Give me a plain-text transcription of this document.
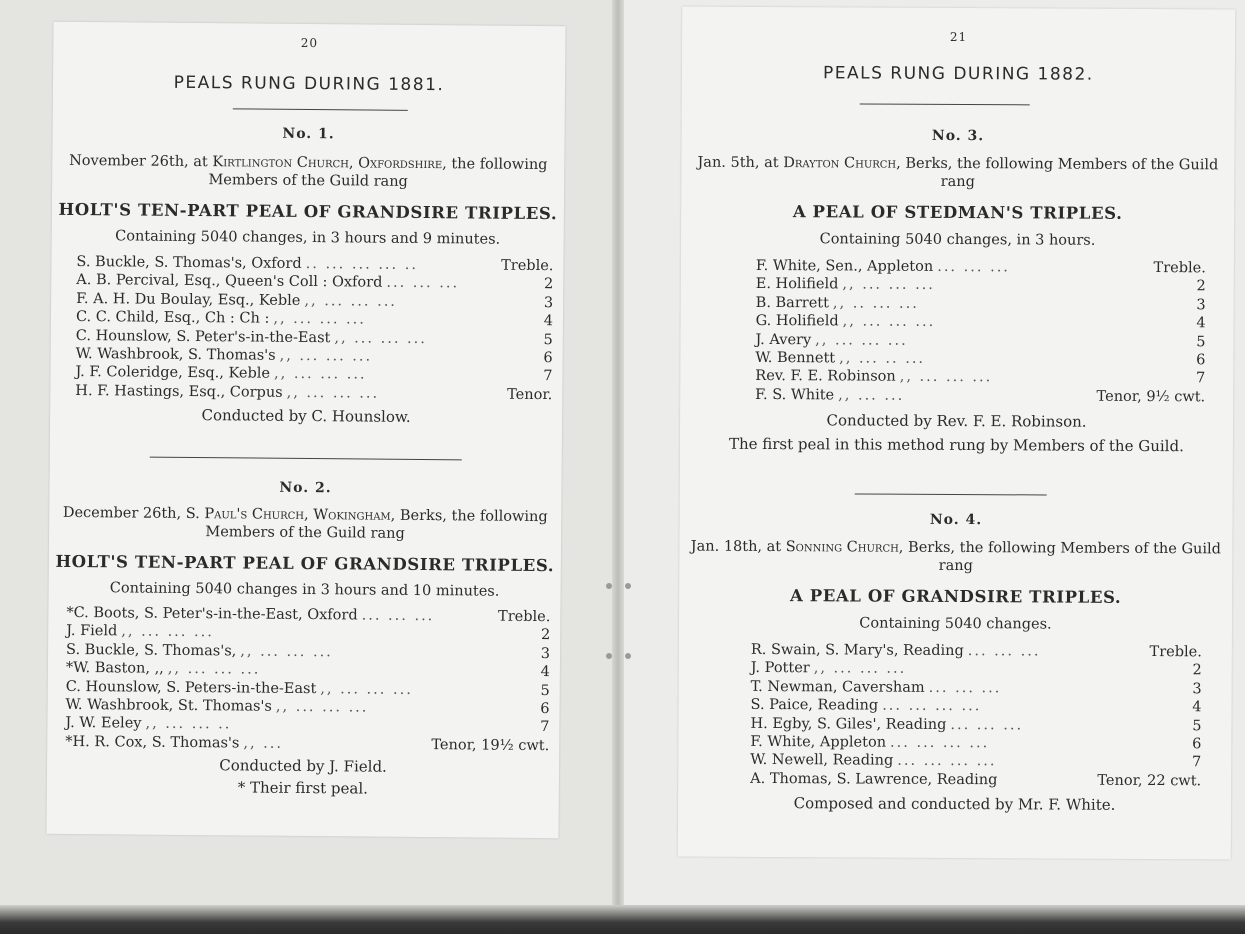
20
PEALS RUNG DURING 1881.
No. 1.
November 26th, at Kirtlington Church, Oxfordshire, the following Members of the Guild rang
HOLT'S TEN-PART PEAL OF GRANDSIRE TRIPLES.
Containing 5040 changes, in 3 hours and 9 minutes.
S. Buckle, S. Thomas's, Oxford .. ... ... ... ..	Treble.
A. B. Percival, Esq., Queen's Coll : Oxford ... ... ...	2
F. A. H. Du Boulay, Esq., Keble ,, ... ... ...	3
C. C. Child, Esq., Ch : Ch : ,, ... ... ...	4
C. Hounslow, S. Peter's-in-the-East ,, ... ... ...	5
W. Washbrook, S. Thomas's ,, ... ... ...	6
J. F. Coleridge, Esq., Keble ,, ... ... ...	7
H. F. Hastings, Esq., Corpus ,, ... ... ...	Tenor.
Conducted by C. Hounslow.
No. 2.
December 26th, S. Paul's Church, Wokingham, Berks, the following Members of the Guild rang
HOLT'S TEN-PART PEAL OF GRANDSIRE TRIPLES.
Containing 5040 changes in 3 hours and 10 minutes.
*C. Boots, S. Peter's-in-the-East, Oxford ... ... ...	Treble.
J. Field ,, ... ... ...	2
S. Buckle, S. Thomas's, ,, ... ... ...	3
*W. Baston, ,, ,, ... ... ...	4
C. Hounslow, S. Peters-in-the-East ,, ... ... ...	5
W. Washbrook, St. Thomas's ,, ... ... ...	6
J. W. Eeley ,, ... ... ..	7
*H. R. Cox, S. Thomas's ,, ...	Tenor, 19½ cwt.
Conducted by J. Field.
* Their first peal.
21
PEALS RUNG DURING 1882.
No. 3.
Jan. 5th, at Drayton Church, Berks, the following Members of the Guild rang
A PEAL OF STEDMAN'S TRIPLES.
Containing 5040 changes, in 3 hours.
F. White, Sen., Appleton ... ... ...	Treble.
E. Holifield ,, ... ... ...	2
B. Barrett ,, .. ... ...	3
G. Holifield ,, ... ... ...	4
J. Avery ,, ... ... ...	5
W. Bennett ,, ... .. ...	6
Rev. F. E. Robinson ,, ... ... ...	7
F. S. White ,, ... ...	Tenor, 9½ cwt.
Conducted by Rev. F. E. Robinson.
The first peal in this method rung by Members of the Guild.
No. 4.
Jan. 18th, at Sonning Church, Berks, the following Members of the Guild rang
A PEAL OF GRANDSIRE TRIPLES.
Containing 5040 changes.
R. Swain, S. Mary's, Reading ... ... ...	Treble.
J. Potter ,, ... ... ...	2
T. Newman, Caversham ... ... ...	3
S. Paice, Reading ... ... ... ...	4
H. Egby, S. Giles', Reading ... ... ...	5
F. White, Appleton ... ... ... ...	6
W. Newell, Reading ... ... ... ...	7
A. Thomas, S. Lawrence, Reading	Tenor, 22 cwt.
Composed and conducted by Mr. F. White.
